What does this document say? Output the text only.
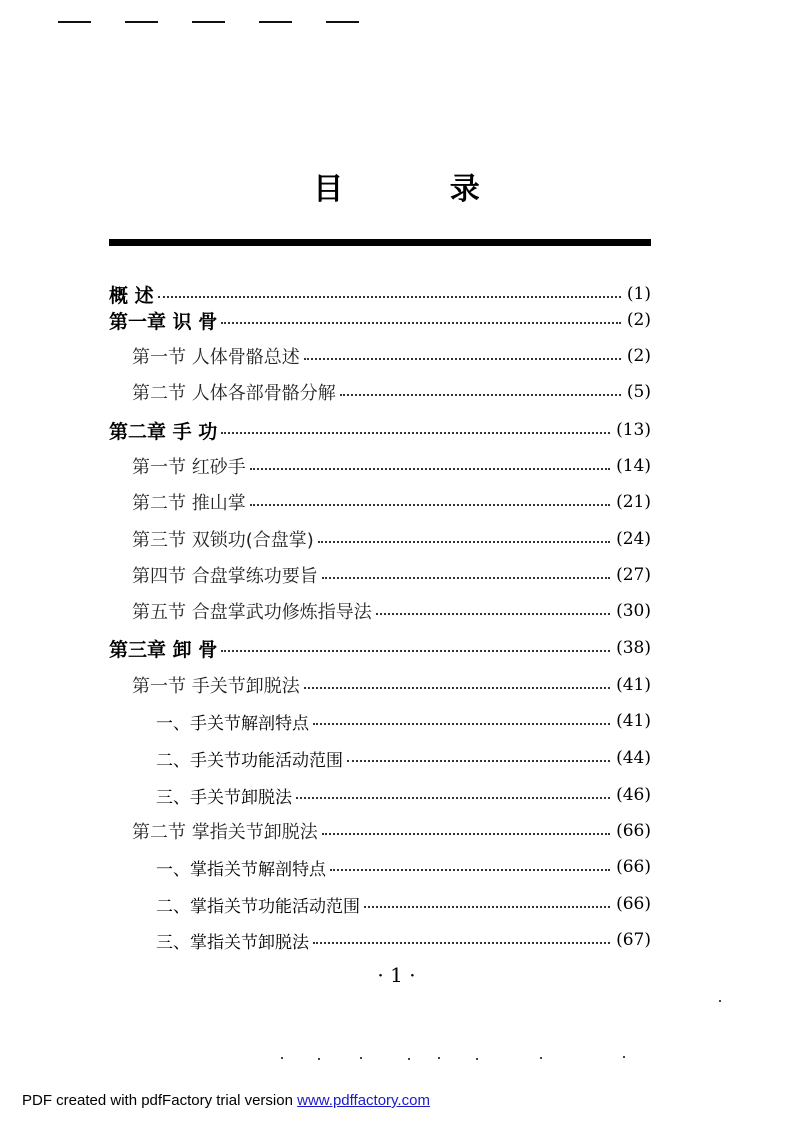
目 录
概 述	(1)
第一章 识 骨	(2)
第一节 人体骨骼总述	(2)
第二节 人体各部骨骼分解	(5)
第二章 手 功	(13)
第一节 红砂手	(14)
第二节 推山掌	(21)
第三节 双锁功(合盘掌)	(24)
第四节 合盘掌练功要旨	(27)
第五节 合盘掌武功修炼指导法	(30)
第三章 卸 骨	(38)
第一节 手关节卸脱法	(41)
一、手关节解剖特点	(41)
二、手关节功能活动范围	(44)
三、手关节卸脱法	(46)
第二节 掌指关节卸脱法	(66)
一、掌指关节解剖特点	(66)
二、掌指关节功能活动范围	(66)
三、掌指关节卸脱法	(67)
· 1 ·
PDF created with pdfFactory trial version www.pdffactory.com
